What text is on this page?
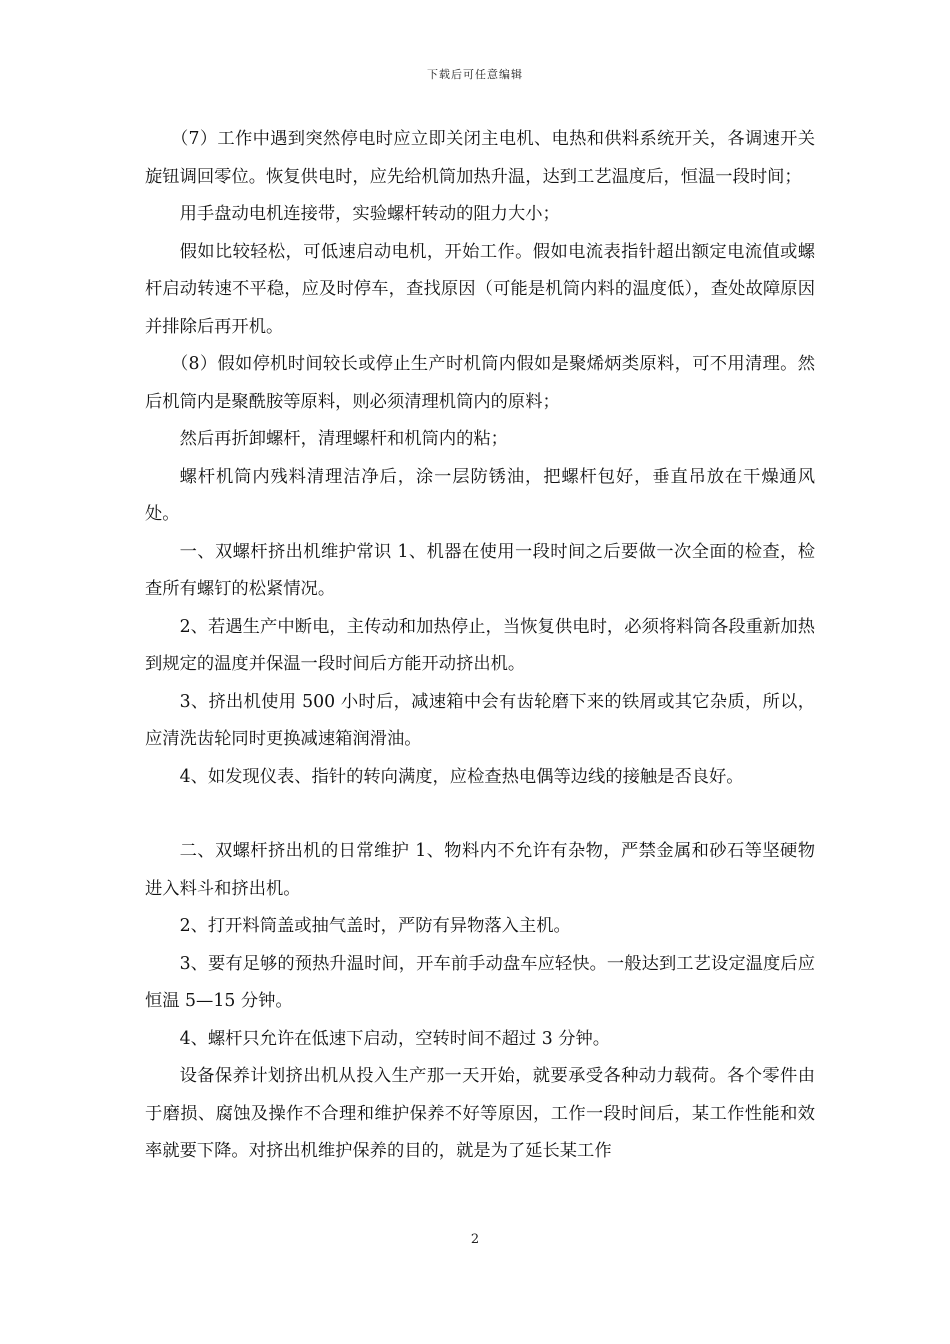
下载后可任意编辑

（7）工作中遇到突然停电时应立即关闭主电机、电热和供料系统开关，各调速开关旋钮调回零位。恢复供电时，应先给机筒加热升温，达到工艺温度后，恒温一段时间；

用手盘动电机连接带，实验螺杆转动的阻力大小；

假如比较轻松，可低速启动电机，开始工作。假如电流表指针超出额定电流值或螺杆启动转速不平稳，应及时停车，查找原因（可能是机筒内料的温度低），查处故障原因并排除后再开机。

（8）假如停机时间较长或停止生产时机筒内假如是聚烯炳类原料，可不用清理。然后机筒内是聚酰胺等原料，则必须清理机筒内的原料；

然后再折卸螺杆，清理螺杆和机筒内的粘；

螺杆机筒内残料清理洁净后，涂一层防锈油，把螺杆包好，垂直吊放在干燥通风处。

一、双螺杆挤出机维护常识 1、机器在使用一段时间之后要做一次全面的检查，检查所有螺钉的松紧情况。

2、若遇生产中断电，主传动和加热停止，当恢复供电时，必须将料筒各段重新加热到规定的温度并保温一段时间后方能开动挤出机。

3、挤出机使用 500 小时后，减速箱中会有齿轮磨下来的铁屑或其它杂质，所以，应清洗齿轮同时更换减速箱润滑油。

4、如发现仪表、指针的转向满度，应检查热电偶等边线的接触是否良好。

二、双螺杆挤出机的日常维护 1、物料内不允许有杂物，严禁金属和砂石等坚硬物进入料斗和挤出机。

2、打开料筒盖或抽气盖时，严防有异物落入主机。

3、要有足够的预热升温时间，开车前手动盘车应轻快。一般达到工艺设定温度后应恒温 5—15 分钟。

4、螺杆只允许在低速下启动，空转时间不超过 3 分钟。

设备保养计划挤出机从投入生产那一天开始，就要承受各种动力载荷。各个零件由于磨损、腐蚀及操作不合理和维护保养不好等原因，工作一段时间后，某工作性能和效率就要下降。对挤出机维护保养的目的，就是为了延长某工作

2
